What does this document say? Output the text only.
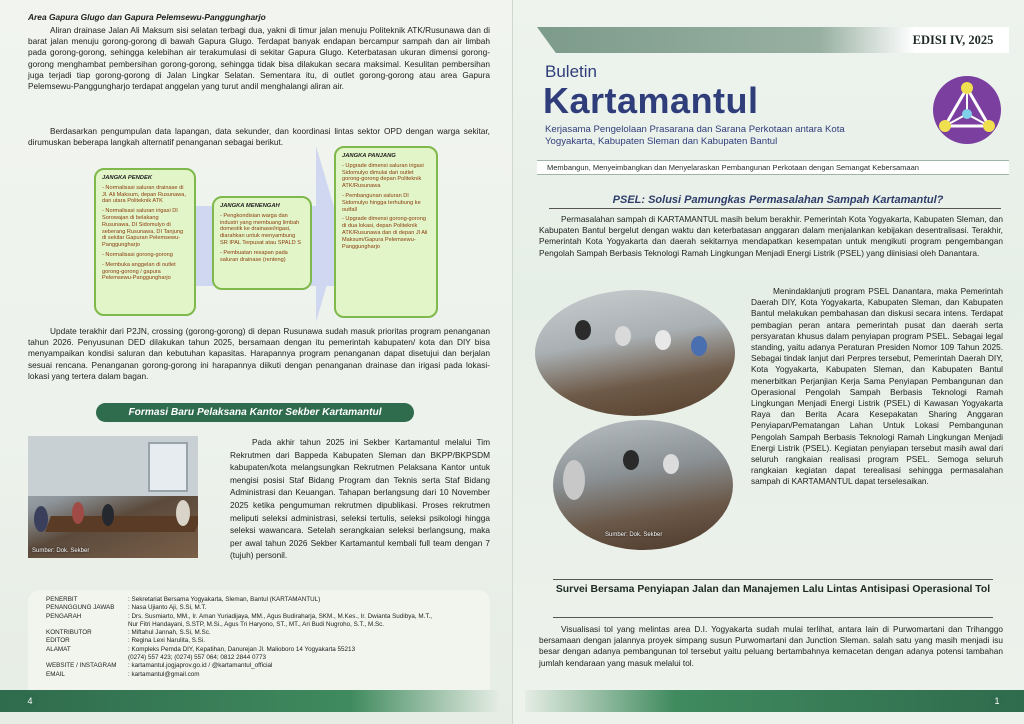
Area Gapura Glugo dan Gapura Pelemsewu-Panggungharjo
Aliran drainase Jalan Ali Maksum sisi selatan terbagi dua, yakni di timur jalan menuju Politeknik ATK/Rusunawa dan di barat jalan menuju gorong-gorong di bawah Gapura Glugo. Terdapat banyak endapan bercampur sampah dan air limbah pada gorong-gorong, sehingga kelebihan air terakumulasi di sekitar Gapura Glugo. Keterbatasan ukuran dimensi gorong-gorong menghambat pembersihan gorong-gorong, sehingga tidak bisa dilakukan secara maksimal. Kesulitan pembersihan juga terjadi tiap gorong-gorong di Jalan Lingkar Selatan. Sementara itu, di outlet gorong-gorong atau area Gapura Pelemsewu-Panggungharjo terdapat anggelan yang turut andil menghalangi aliran air.
Berdasarkan pengumpulan data lapangan, data sekunder, dan koordinasi lintas sektor OPD dengan warga sekitar, dirumuskan beberapa langkah alternatif penanganan sebagai berikut.
JANGKA PENDEK
- Normalisasi saluran drainase di Jl. Ali Maksum, depan Rusunawa, dan utara Politeknik ATK
- Normalisasi saluran irigasi DI Sorowajan di belakang Rusunawa, DI Sidomulyo di seberang Rusunawa, DI Tanjung di sekitar Gapuran Pelemsewu-Panggungharjo
- Normalisasi gorong-gorong
- Membuka anggelan di outlet gorong-gorong / gapura Pelemsewu-Panggungharjo
JANGKA MENENGAH
- Pengkondisian warga dan industri yang membuang limbah domestik ke drainase/irigasi, diarahkan untuk menyambung SR IPAL Terpusat atau SPALD S
- Pembuatan resapan pada saluran drainase (renteng)
JANGKA PANJANG
- Upgrade dimensi saluran irigasi Sidomulyo dimulai dari outlet gorong-gorong depan Politeknik ATK/Rusunawa
- Pembangunan saluran DI Sidomulyo hingga terhubung ke outfall
- Upgrade dimensi gorong-gorong di dua lokasi, depan Politeknik ATK/Rusunawa dan di depan Jl Ali Maksum/Gapura Pelemsewu-Panggungharjo
Update terakhir dari P2JN, crossing (gorong-gorong) di depan Rusunawa sudah masuk prioritas program penanganan tahun 2026. Penyusunan DED dilakukan tahun 2025, bersamaan dengan itu pemerintah kabupaten/ kota dan DIY bisa menyampaikan kondisi saluran dan kebutuhan kapasitas. Harapannya program penanganan dapat disetujui dan berjalan sesuai rencana. Penanganan gorong-gorong ini harapannya diikuti dengan penanganan drainase dan irigasi pada lokasi-lokasi yang tertera dalam bagan.
Formasi Baru Pelaksana Kantor Sekber Kartamantul
Sumber: Dok. Sekber
Pada akhir tahun 2025 ini Sekber Kartamantul melalui Tim Rekrutmen dari Bappeda Kabupaten Sleman dan BKPP/BKPSDM kabupaten/kota melangsungkan Rekrutmen Pelaksana Kantor untuk mengisi posisi Staf Bidang Program dan Teknis serta Staf Bidang Administrasi dan Keuangan. Tahapan berlangsung dari 10 November 2025 ketika pengumuman rekrutmen dipublikasi. Proses rekrutmen meliputi seleksi administrasi, seleksi tertulis, seleksi psikologi hingga seleksi wawancara. Setelah serangkaian seleksi berlangsung, maka per awal tahun 2026 Sekber Kartamantul kembali full team dengan 7 (tujuh) personil.
PENERBIT	: Sekretariat Bersama Yogyakarta, Sleman, Bantul (KARTAMANTUL)
PENANGGUNG JAWAB	: Nasa Ujianto Aji, S.Si, M.T.
PENGARAH	: Drs. Susmiarto, MM., Ir. Aman Yuriadijaya, MM., Agus Budiraharja, SKM., M.Kes., Ir. Dwianta Sudibya, M.T.,
Nur Fitri Handayani, S.STP, M.Si., Agus Tri Haryono, ST., MT., Ari Budi Nugroho, S.T., M.Sc.
KONTRIBUTOR	: Miftahul Jannah, S.Si, M.Sc.
EDITOR	: Regina Lexi Narulita, S.Si.
ALAMAT	: Kompleks Pemda DIY, Kepatihan, Danurejan Jl. Malioboro 14 Yogyakarta 55213
(0274) 557 423; (0274) 557 064; 0812 2844 0773
WEBSITE / INSTAGRAM	: kartamantul.jogjaprov.go.id / @kartamantul_official
EMAIL	: kartamantul@gmail.com
4
EDISI IV, 2025
Buletin
Kartamantul
Kerjasama Pengelolaan Prasarana dan Sarana Perkotaan antara Kota Yogyakarta, Kabupaten Sleman dan Kabupaten Bantul
Membangun, Menyeimbangkan dan Menyelaraskan Pembangunan Perkotaan dengan Semangat Kebersamaan
PSEL: Solusi Pamungkas Permasalahan Sampah Kartamantul?
Permasalahan sampah di KARTAMANTUL masih belum berakhir. Pemerintah Kota Yogyakarta, Kabupaten Sleman, dan Kabupaten Bantul bergelut dengan waktu dan keterbatasan anggaran dalam menjalankan kebijakan desentralisasi. Terakhir, Pemerintah Kota Yogyakarta dan daerah sekitarnya mendapatkan kesempatan untuk mengikuti program pengembangan Pengolah Sampah Berbasis Teknologi Ramah Lingkungan Menjadi Energi Listrik (PSEL) yang diinisiasi oleh Danantara.
Sumber: Dok. Sekber
Menindaklanjuti program PSEL Danantara, maka Pemerintah Daerah DIY, Kota Yogyakarta, Kabupaten Sleman, dan Kabupaten Bantul melakukan pembahasan dan diskusi secara intens. Terdapat pembagian peran antara pemerintah pusat dan daerah serta persyaratan khusus dalam penyiapan program PSEL. Sebagai legal standing, yaitu adanya Peraturan Presiden Nomor 109 Tahun 2025. Sebagai tindak lanjut dari Perpres tersebut, Pemerintah Daerah DIY, Kota Yogyakarta, Kabupaten Sleman, dan Kabupaten Bantul menerbitkan Perjanjian Kerja Sama Penyiapan Pembangunan dan Operasional Pengolah Sampah Berbasis Teknologi Ramah Lingkungan Menjadi Energi Listrik (PSEL) di Kawasan Yogyakarta Raya dan Berita Acara Kesepakatan Sharing Anggaran Penyiapan/Pematangan Lahan Untuk Lokasi Pembangunan Pengolah Sampah Berbasis Teknologi Ramah Lingkungan Menjadi Energi Listrik (PSEL). Kegiatan penyiapan tersebut masih awal dari seluruh rangkaian realisasi program PSEL. Semoga seluruh rangkaian kegiatan dapat terealisasi sehingga permasalahan sampah di KARTAMANTUL dapat terselesaikan.
Survei Bersama Penyiapan Jalan dan Manajemen Lalu Lintas Antisipasi Operasional Tol
Visualisasi tol yang melintas area D.I. Yogyakarta sudah mulai terlihat, antara lain di Purwomartani dan Trihanggo bersamaan dengan jalannya proyek simpang susun Purwomartani dan Junction Sleman. salah satu yang masih menjadi isu besar dengan adanya pembangunan tol tersebut yaitu peluang bertambahnya kemacetan dengan adanya potensi tambahan jumlah kendaraan yang masuk melalui tol.
1
